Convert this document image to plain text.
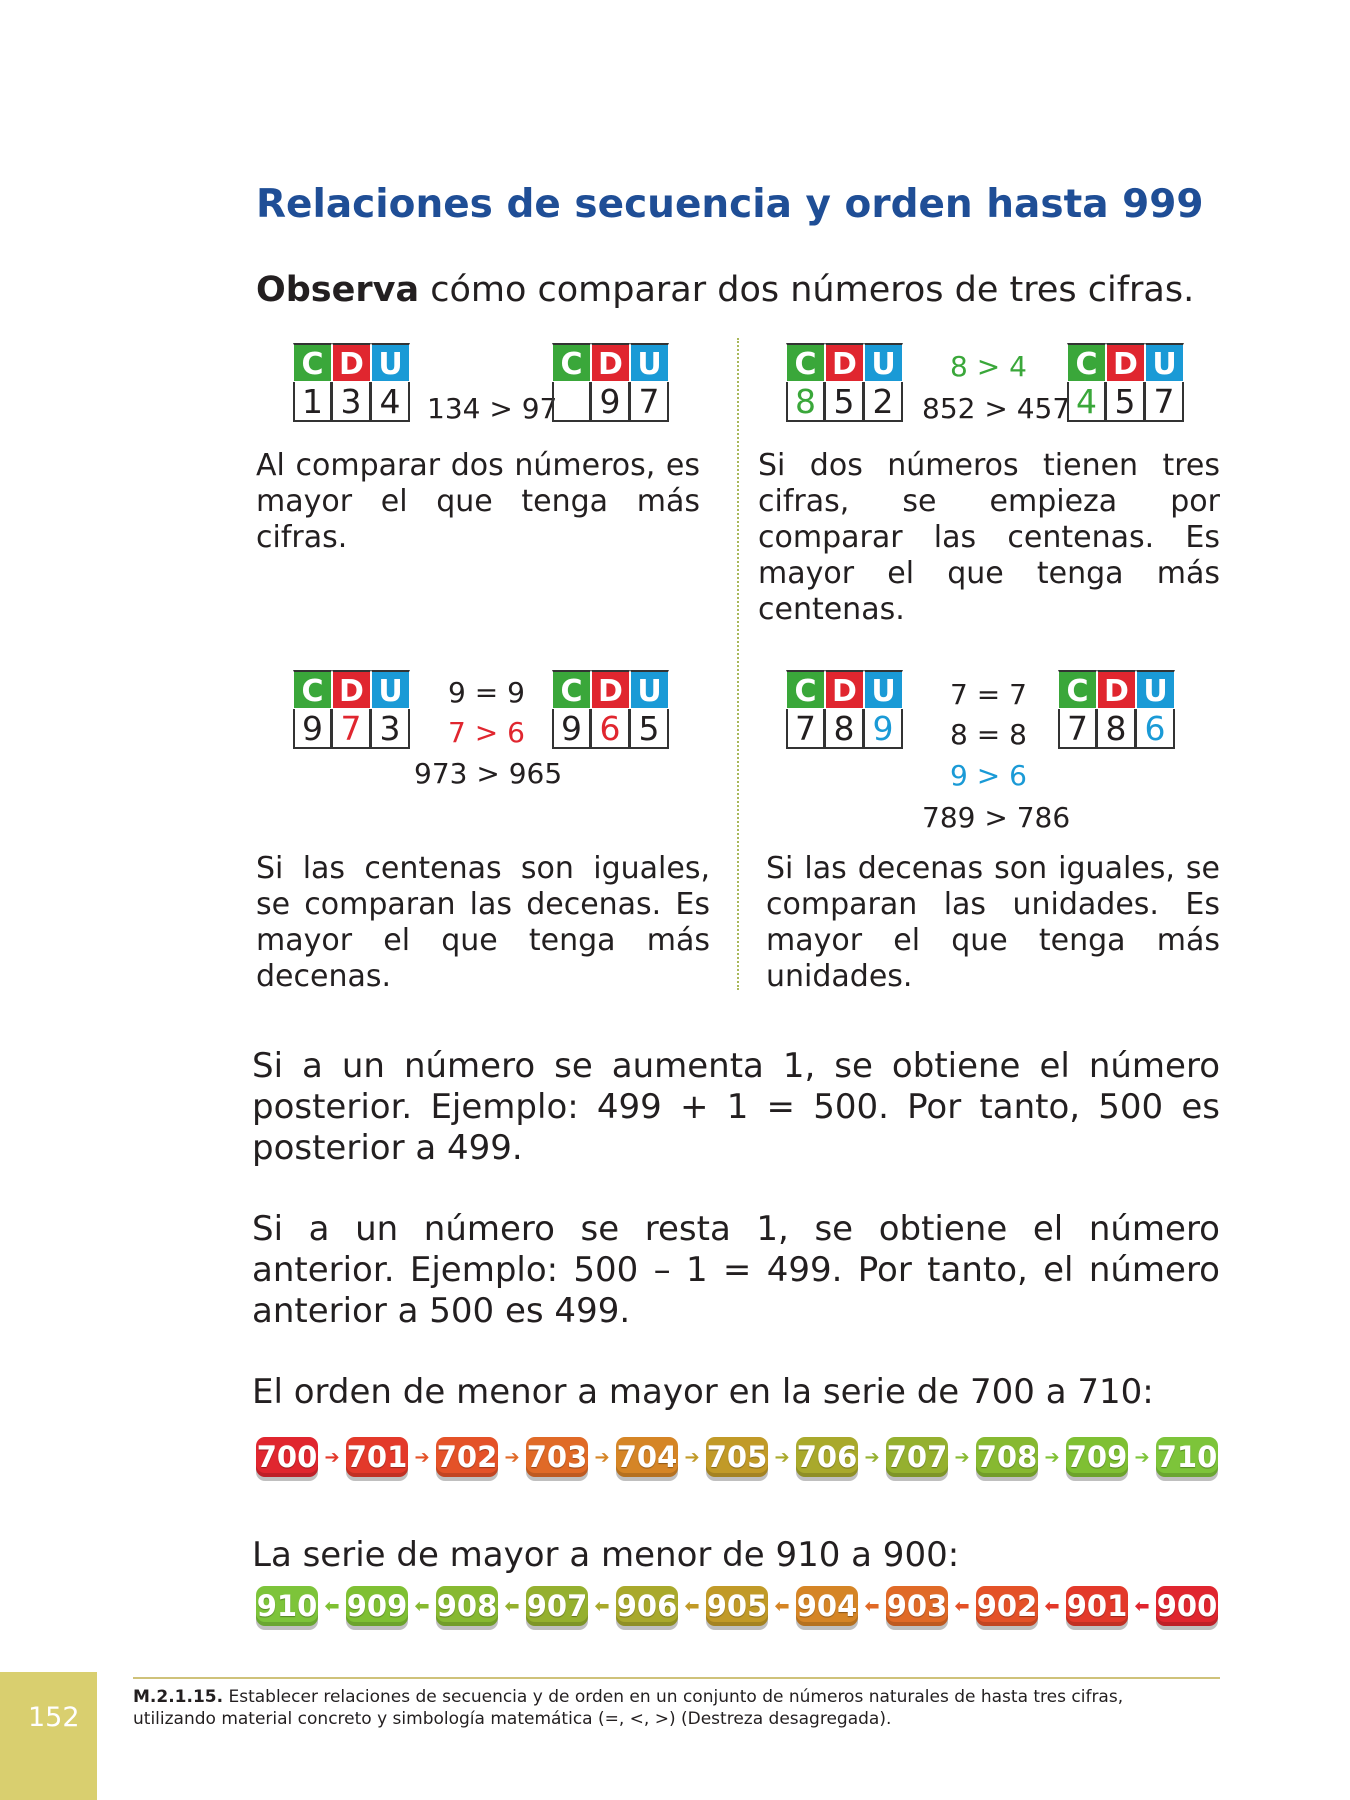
Relaciones de secuencia y orden hasta 999
Observa cómo comparar dos números de tres cifras.
C D U
1 3 4 134 > 97
C D U
9 7
Al comparar dos números, es mayor el que tenga más cifras.
C D U
8 5 2
8 > 4
852 > 457
C D U
4 5 7
Si dos números tienen tres cifras, se empieza por comparar las centenas. Es mayor el que tenga más centenas.
C D U
9 7 3
9 = 9
7 > 6
C D U
9 6 5
973 > 965
Si las centenas son iguales, se comparan las decenas. Es mayor el que tenga más decenas.
C D U
7 8 9
7 = 7
8 = 8
9 > 6
789 > 786
C D U
7 8 6
Si las decenas son iguales, se comparan las unidades. Es mayor el que tenga más unidades.
Si a un número se aumenta 1, se obtiene el número posterior. Ejemplo: 499 + 1 = 500. Por tanto, 500 es posterior a 499.
Si a un número se resta 1, se obtiene el número anterior. Ejemplo: 500 – 1 = 499. Por tanto, el número anterior a 500 es 499.
El orden de menor a mayor en la serie de 700 a 710:
700 ➔ 701 ➔ 702 ➔ 703 ➔ 704 ➔ 705 ➔ 706 ➔ 707 ➔ 708 ➔ 709 ➔ 710
La serie de mayor a menor de 910 a 900:
910 ⬅ 909 ⬅ 908 ⬅ 907 ⬅ 906 ⬅ 905 ⬅ 904 ⬅ 903 ⬅ 902 ⬅ 901 ⬅ 900
M.2.1.15. Establecer relaciones de secuencia y de orden en un conjunto de números naturales de hasta tres cifras,
utilizando material concreto y simbología matemática (=, <, >) (Destreza desagregada).
152
